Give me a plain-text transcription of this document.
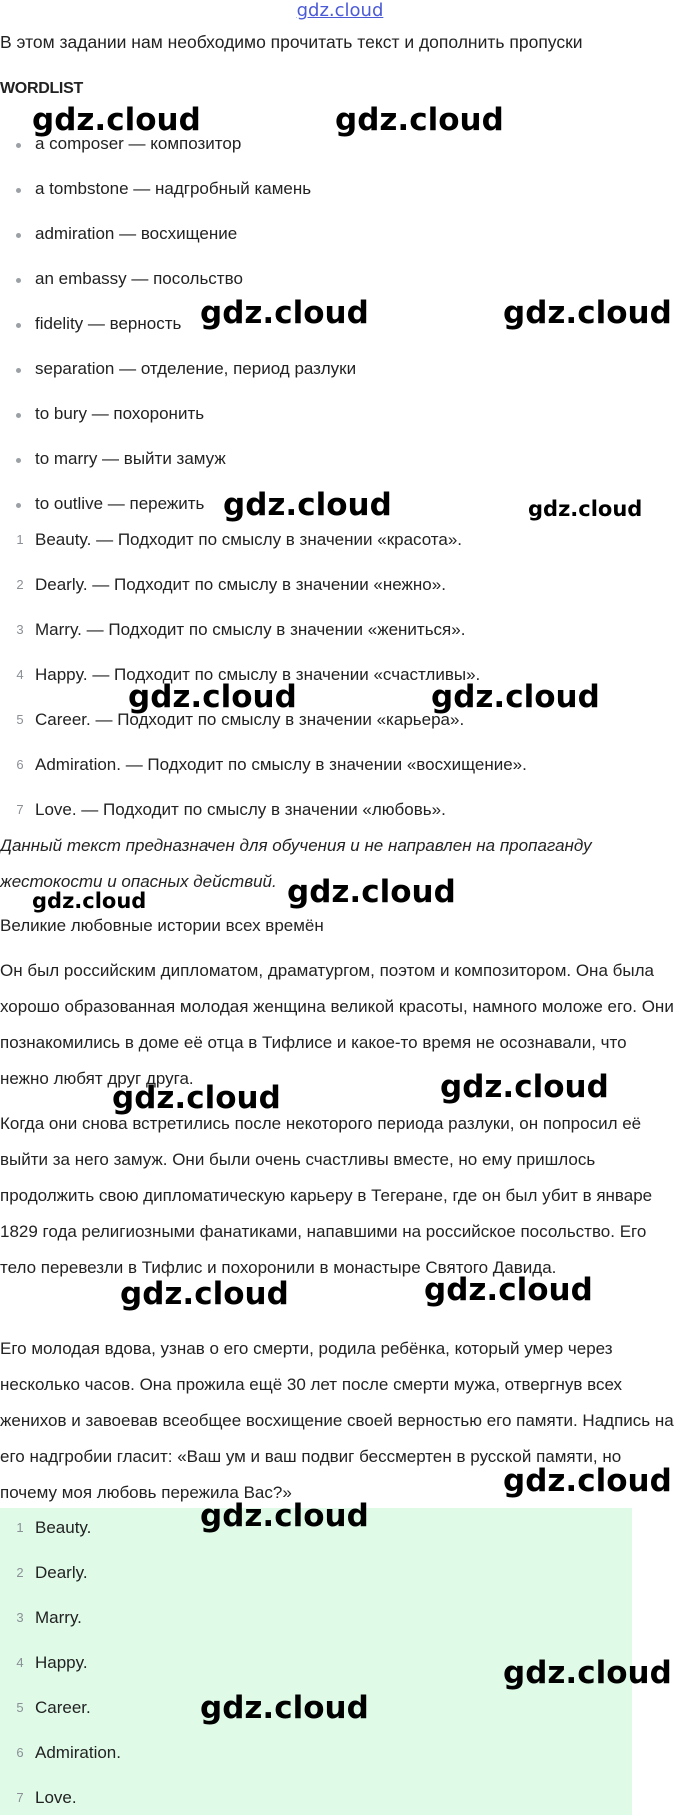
gdz.cloud
В этом задании нам необходимо прочитать текст и дополнить пропуски
WORDLIST
a composer — композитор
a tombstone — надгробный камень
admiration — восхищение
an embassy — посольство
fidelity — верность
separation — отделение, период разлуки
to bury — похоронить
to marry — выйти замуж
to outlive — пережить
1 Beauty. — Подходит по смыслу в значении «красота».
2 Dearly. — Подходит по смыслу в значении «нежно».
3 Marry. — Подходит по смыслу в значении «жениться».
4 Happy. — Подходит по смыслу в значении «счастливы».
5 Career. — Подходит по смыслу в значении «карьера».
6 Admiration. — Подходит по смыслу в значении «восхищение».
7 Love. — Подходит по смыслу в значении «любовь».
Данный текст предназначен для обучения и не направлен на пропаганду жестокости и опасных действий.
Великие любовные истории всех времён
Он был российским дипломатом, драматургом, поэтом и композитором. Она была хорошо образованная молодая женщина великой красоты, намного моложе его. Они познакомились в доме её отца в Тифлисе и какое-то время не осознавали, что нежно любят друг друга.
Когда они снова встретились после некоторого периода разлуки, он попросил её выйти за него замуж. Они были очень счастливы вместе, но ему пришлось продолжить свою дипломатическую карьеру в Тегеране, где он был убит в январе 1829 года религиозными фанатиками, напавшими на российское посольство. Его тело перевезли в Тифлис и похоронили в монастыре Святого Давида.
Его молодая вдова, узнав о его смерти, родила ребёнка, который умер через несколько часов. Она прожила ещё 30 лет после смерти мужа, отвергнув всех женихов и завоевав всеобщее восхищение своей верностью его памяти. Надпись на его надгробии гласит: «Ваш ум и ваш подвиг бессмертен в русской памяти, но почему моя любовь пережила Вас?»
1 Beauty.
2 Dearly.
3 Marry.
4 Happy.
5 Career.
6 Admiration.
7 Love.
gdz.cloud	gdz.cloud
gdz.cloud	gdz.cloud
gdz.cloud	gdz.cloud
gdz.cloud	gdz.cloud
gdz.cloud	gdz.cloud
gdz.cloud	gdz.cloud
gdz.cloud	gdz.cloud
gdz.cloud
gdz.cloud
gdz.cloud
gdz.cloud
